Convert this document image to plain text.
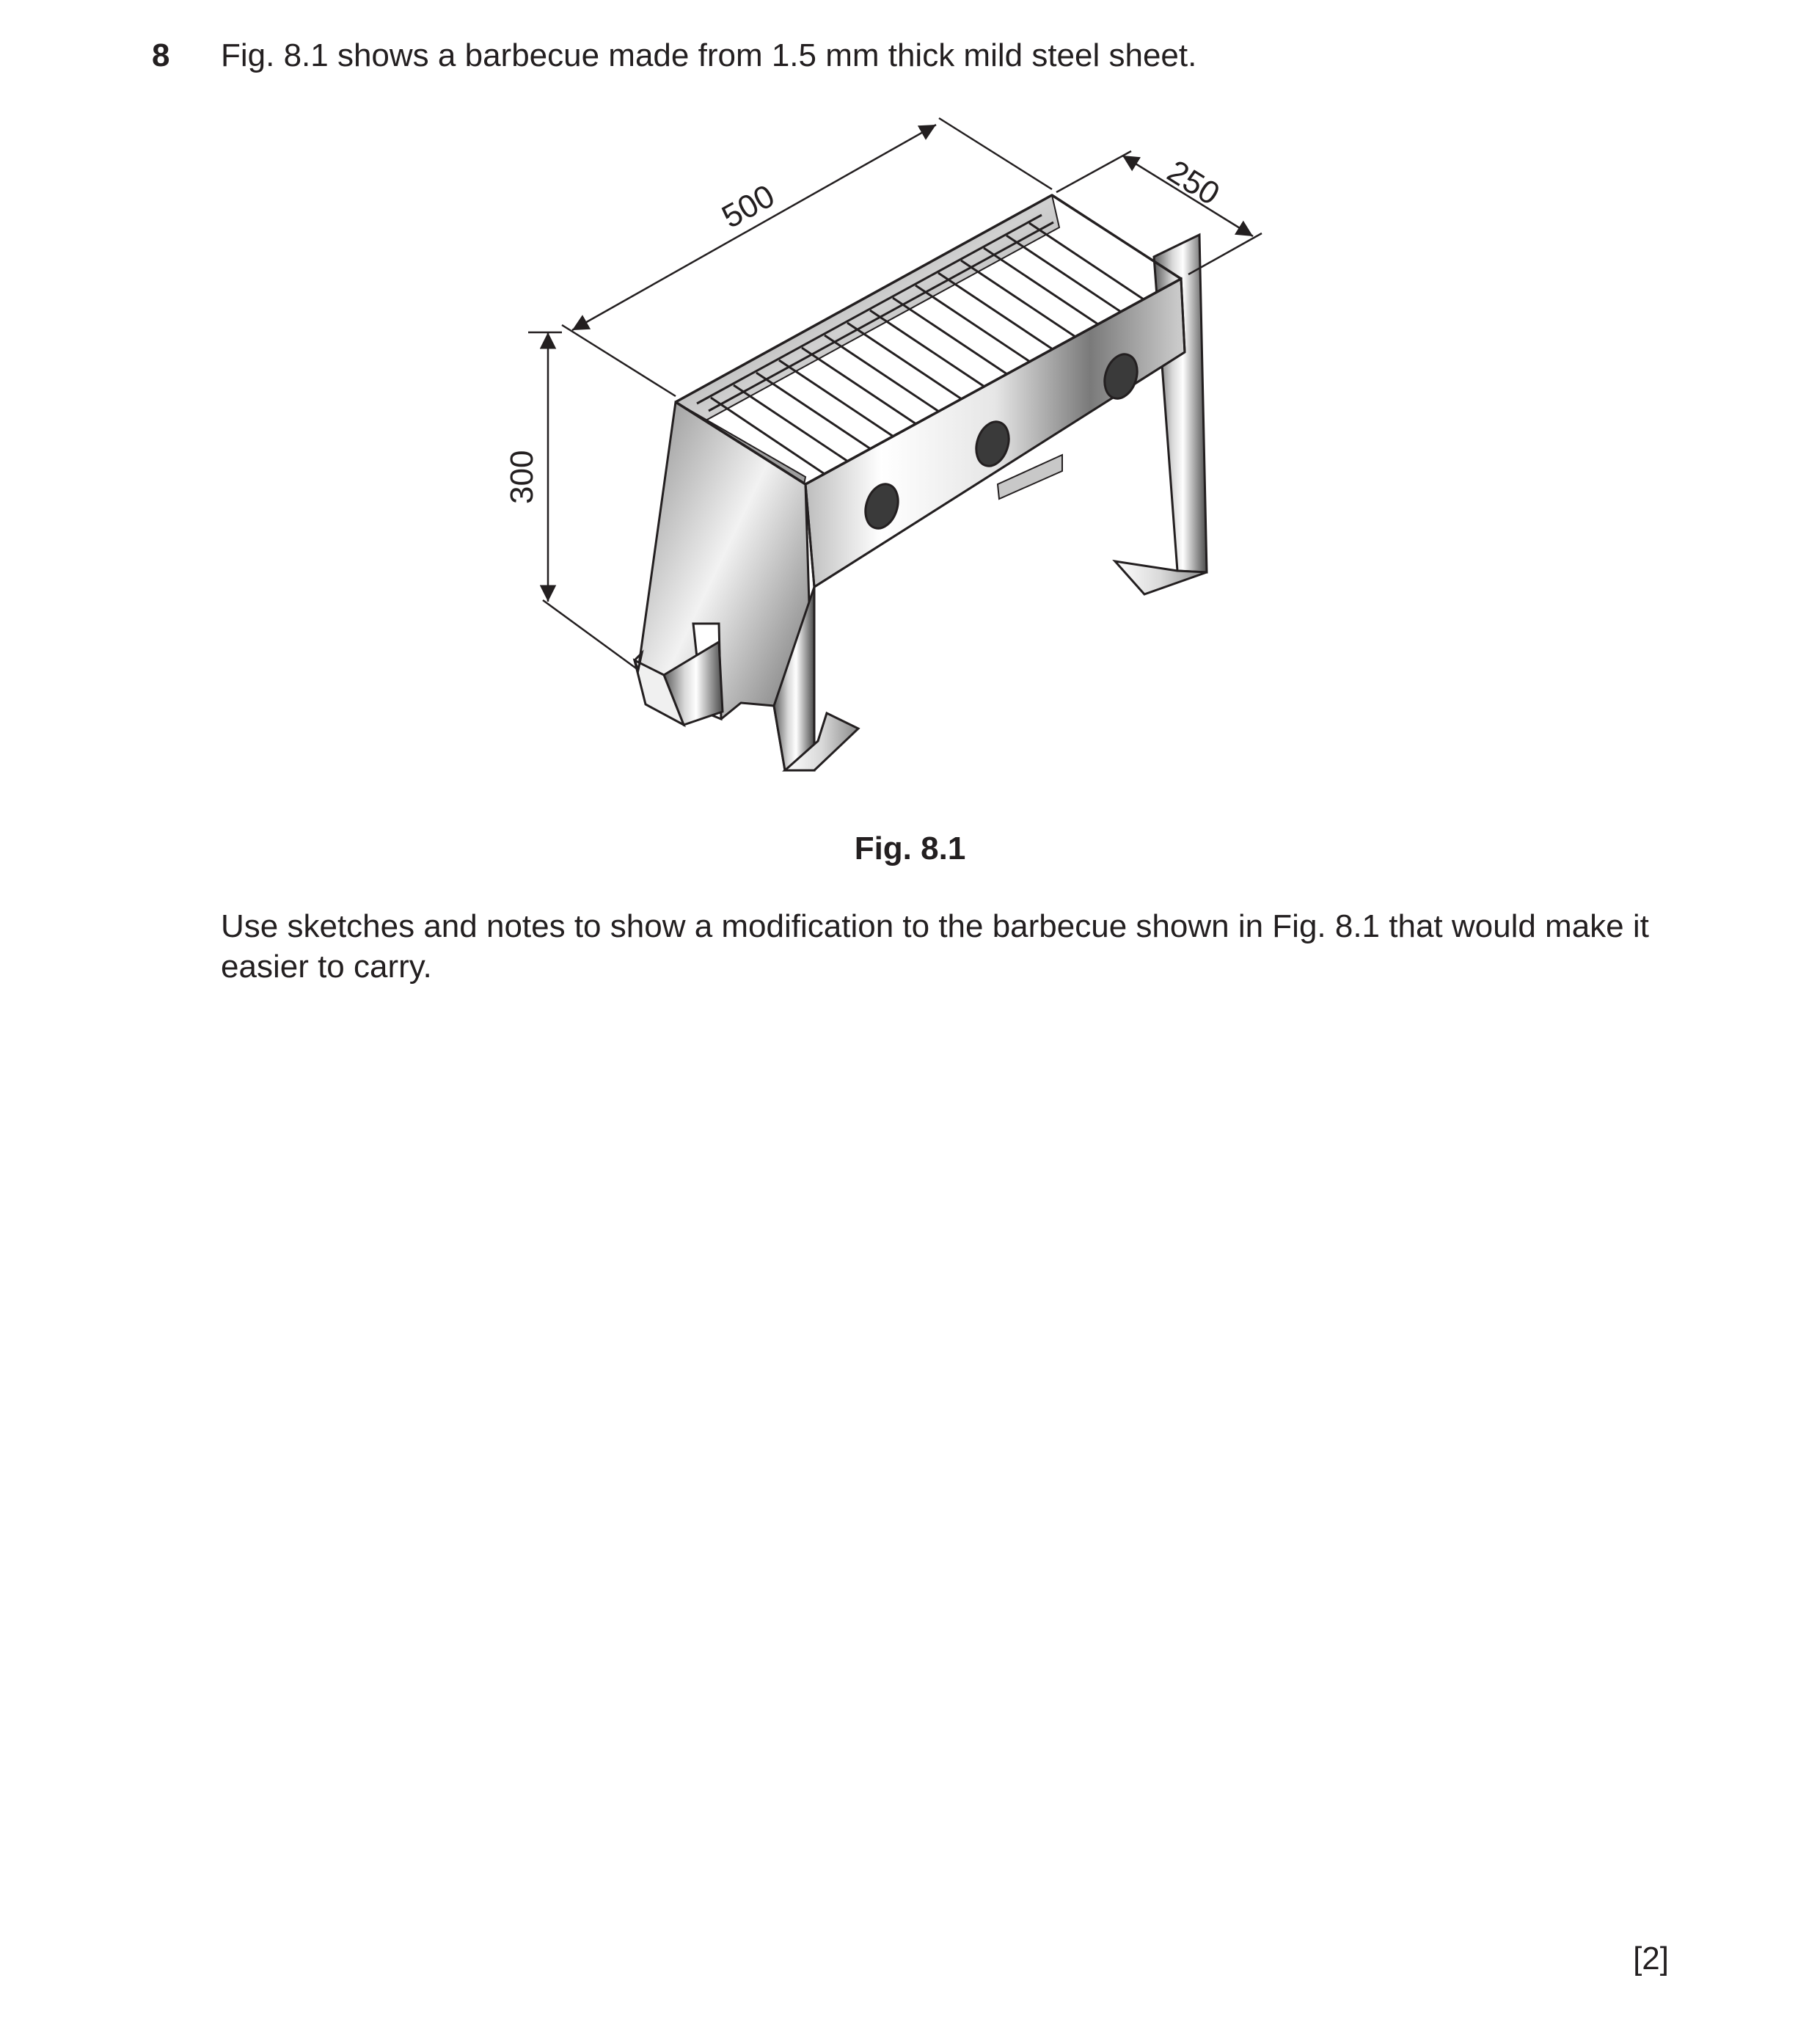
8 Fig. 8.1 shows a barbecue made from 1.5 mm thick mild steel sheet.
500	250
300
Fig. 8.1
Use sketches and notes to show a modification to the barbecue shown in Fig. 8.1 that would make it easier to carry.
[2]
